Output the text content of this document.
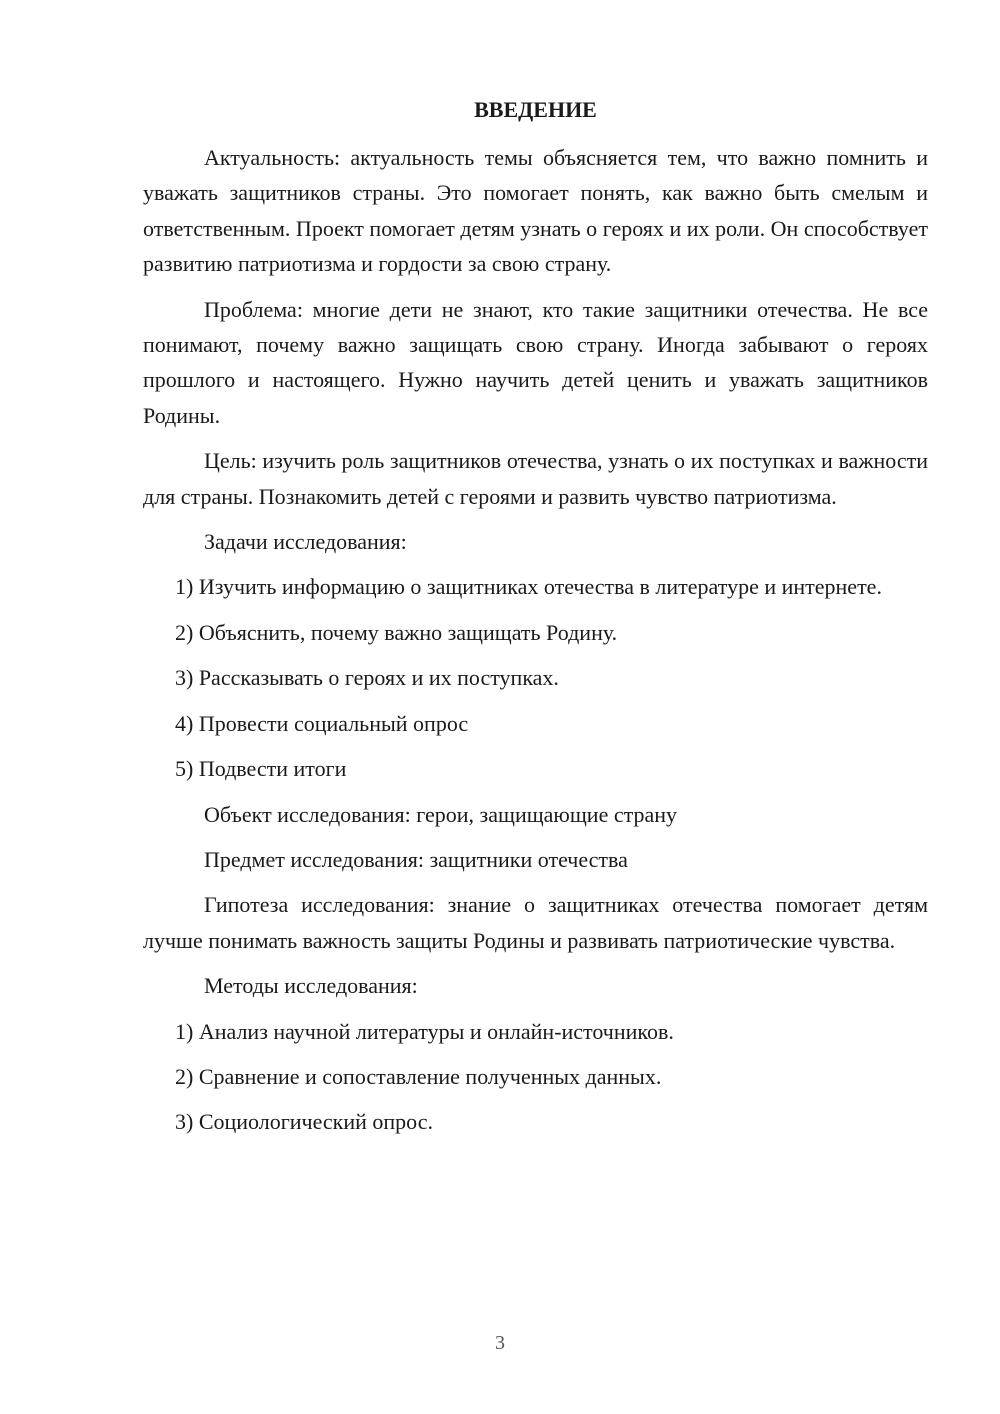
ВВЕДЕНИЕ

Актуальность: актуальность темы объясняется тем, что важно помнить и уважать защитников страны. Это помогает понять, как важно быть смелым и ответственным. Проект помогает детям узнать о героях и их роли. Он способствует развитию патриотизма и гордости за свою страну.

Проблема: многие дети не знают, кто такие защитники отечества. Не все понимают, почему важно защищать свою страну. Иногда забывают о героях прошлого и настоящего. Нужно научить детей ценить и уважать защитников Родины.

Цель: изучить роль защитников отечества, узнать о их поступках и важности для страны. Познакомить детей с героями и развить чувство патриотизма.

Задачи исследования:

1) Изучить информацию о защитниках отечества в литературе и интернете.

2) Объяснить, почему важно защищать Родину.

3) Рассказывать о героях и их поступках.

4) Провести социальный опрос

5) Подвести итоги

Объект исследования: герои, защищающие страну

Предмет исследования: защитники отечества

Гипотеза исследования: знание о защитниках отечества помогает детям лучше понимать важность защиты Родины и развивать патриотические чувства.

Методы исследования:

1) Анализ научной литературы и онлайн-источников.

2) Сравнение и сопоставление полученных данных.

3) Социологический опрос.

3
